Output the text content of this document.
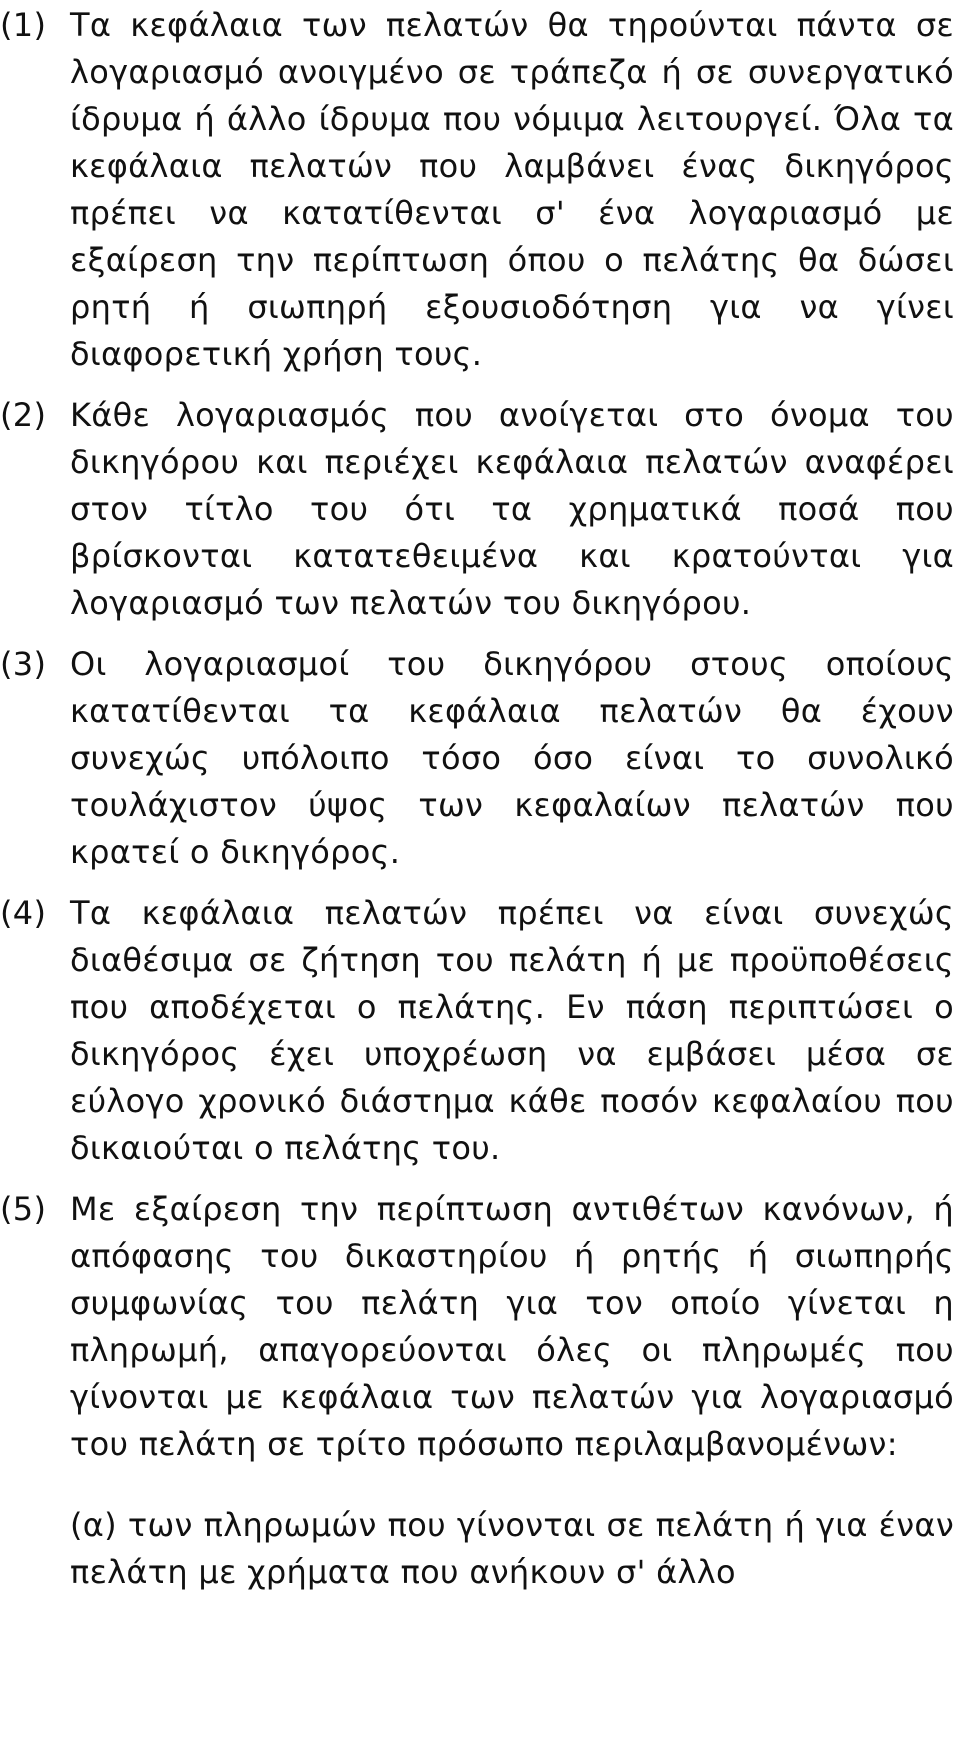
(1) Τα κεφάλαια των πελατών θα τηρούνται πάντα σε λογαριασμό ανοιγμένο σε τράπεζα ή σε συνεργατικό ίδρυμα ή άλλο ίδρυμα που νόμιμα λειτουργεί. Όλα τα κεφάλαια πελατών που λαμβάνει ένας δικηγόρος πρέπει να κατατίθενται σ' ένα λογαριασμό με εξαίρεση την περίπτωση όπου ο πελάτης θα δώσει ρητή ή σιωπηρή εξουσιοδότηση για να γίνει διαφορετική χρήση τους.

(2) Κάθε λογαριασμός που ανοίγεται στο όνομα του δικηγόρου και περιέχει κεφάλαια πελατών αναφέρει στον τίτλο του ότι τα χρηματικά ποσά που βρίσκονται κατατεθειμένα και κρατούνται για λογαριασμό των πελατών του δικηγόρου.

(3) Οι λογαριασμοί του δικηγόρου στους οποίους κατατίθενται τα κεφάλαια πελατών θα έχουν συνεχώς υπόλοιπο τόσο όσο είναι το συνολικό τουλάχιστον ύψος των κεφαλαίων πελατών που κρατεί ο δικηγόρος.

(4) Τα κεφάλαια πελατών πρέπει να είναι συνεχώς διαθέσιμα σε ζήτηση του πελάτη ή με προϋποθέσεις που αποδέχεται ο πελάτης. Εν πάση περιπτώσει ο δικηγόρος έχει υποχρέωση να εμβάσει μέσα σε εύλογο χρονικό διάστημα κάθε ποσόν κεφαλαίου που δικαιούται ο πελάτης του.

(5) Με εξαίρεση την περίπτωση αντιθέτων κανόνων, ή απόφασης του δικαστηρίου ή ρητής ή σιωπηρής συμφωνίας του πελάτη για τον οποίο γίνεται η πληρωμή, απαγορεύονται όλες οι πληρωμές που γίνονται με κεφάλαια των πελατών για λογαριασμό του πελάτη σε τρίτο πρόσωπο περιλαμβανομένων:

(α) των πληρωμών που γίνονται σε πελάτη ή για έναν πελάτη με χρήματα που ανήκουν σ' άλλο
